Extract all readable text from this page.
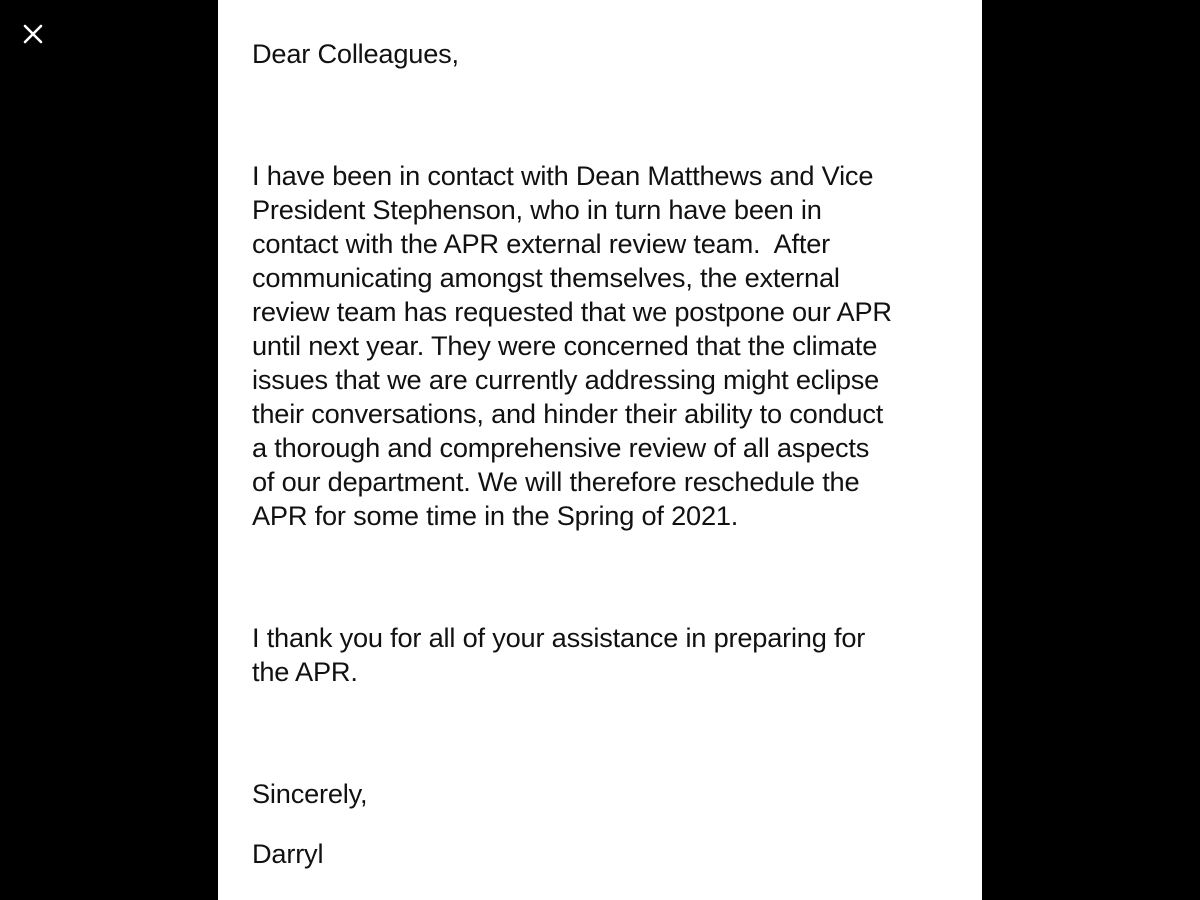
Dear Colleagues,
I have been in contact with Dean Matthews and Vice
President Stephenson, who in turn have been in
contact with the APR external review team.  After
communicating amongst themselves, the external
review team has requested that we postpone our APR
until next year. They were concerned that the climate
issues that we are currently addressing might eclipse
their conversations, and hinder their ability to conduct
a thorough and comprehensive review of all aspects
of our department. We will therefore reschedule the
APR for some time in the Spring of 2021.
I thank you for all of your assistance in preparing for
the APR.
Sincerely,
Darryl
